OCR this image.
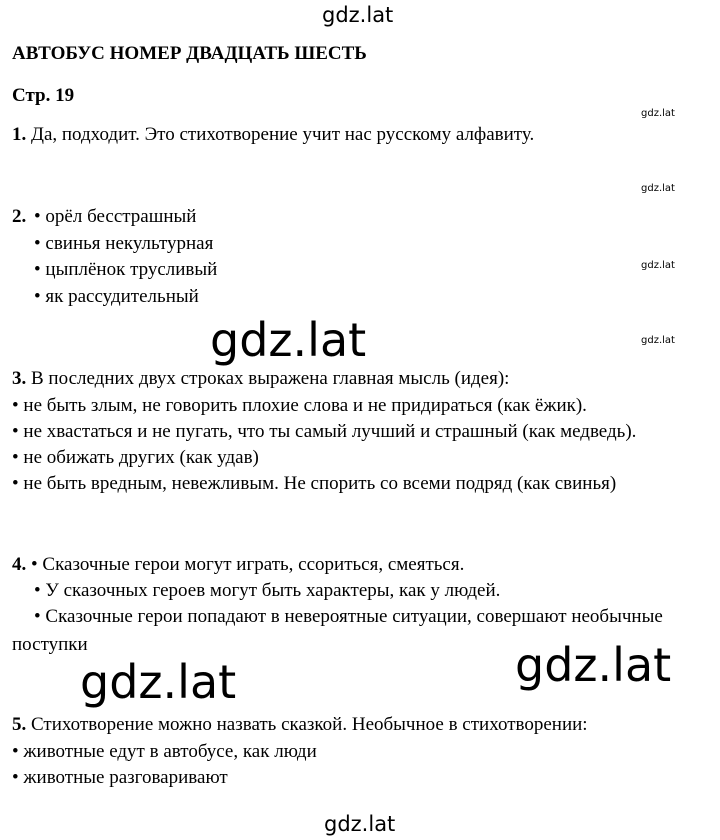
gdz.lat
gdz.lat
gdz.lat
gdz.lat
gdz.lat
gdz.lat
gdz.lat
gdz.lat
gdz.lat
АВТОБУС НОМЕР ДВАДЦАТЬ ШЕСТЬ
Стр. 19
1. Да, подходит. Это стихотворение учит нас русскому алфавиту.
2. • орёл бесстрашный
• свинья некультурная
• цыплёнок трусливый
• як рассудительный
3. В последних двух строках выражена главная мысль (идея):
• не быть злым, не говорить плохие слова и не придираться (как ёжик).
• не хвастаться и не пугать, что ты самый лучший и страшный (как медведь).
• не обижать других (как удав)
• не быть вредным, невежливым. Не спорить со всеми подряд (как свинья)
4. • Сказочные герои могут играть, ссориться, смеяться.
• У сказочных героев могут быть характеры, как у людей.
• Сказочные герои попадают в невероятные ситуации, совершают необычные
поступки
5. Стихотворение можно назвать сказкой. Необычное в стихотворении:
• животные едут в автобусе, как люди
• животные разговаривают
